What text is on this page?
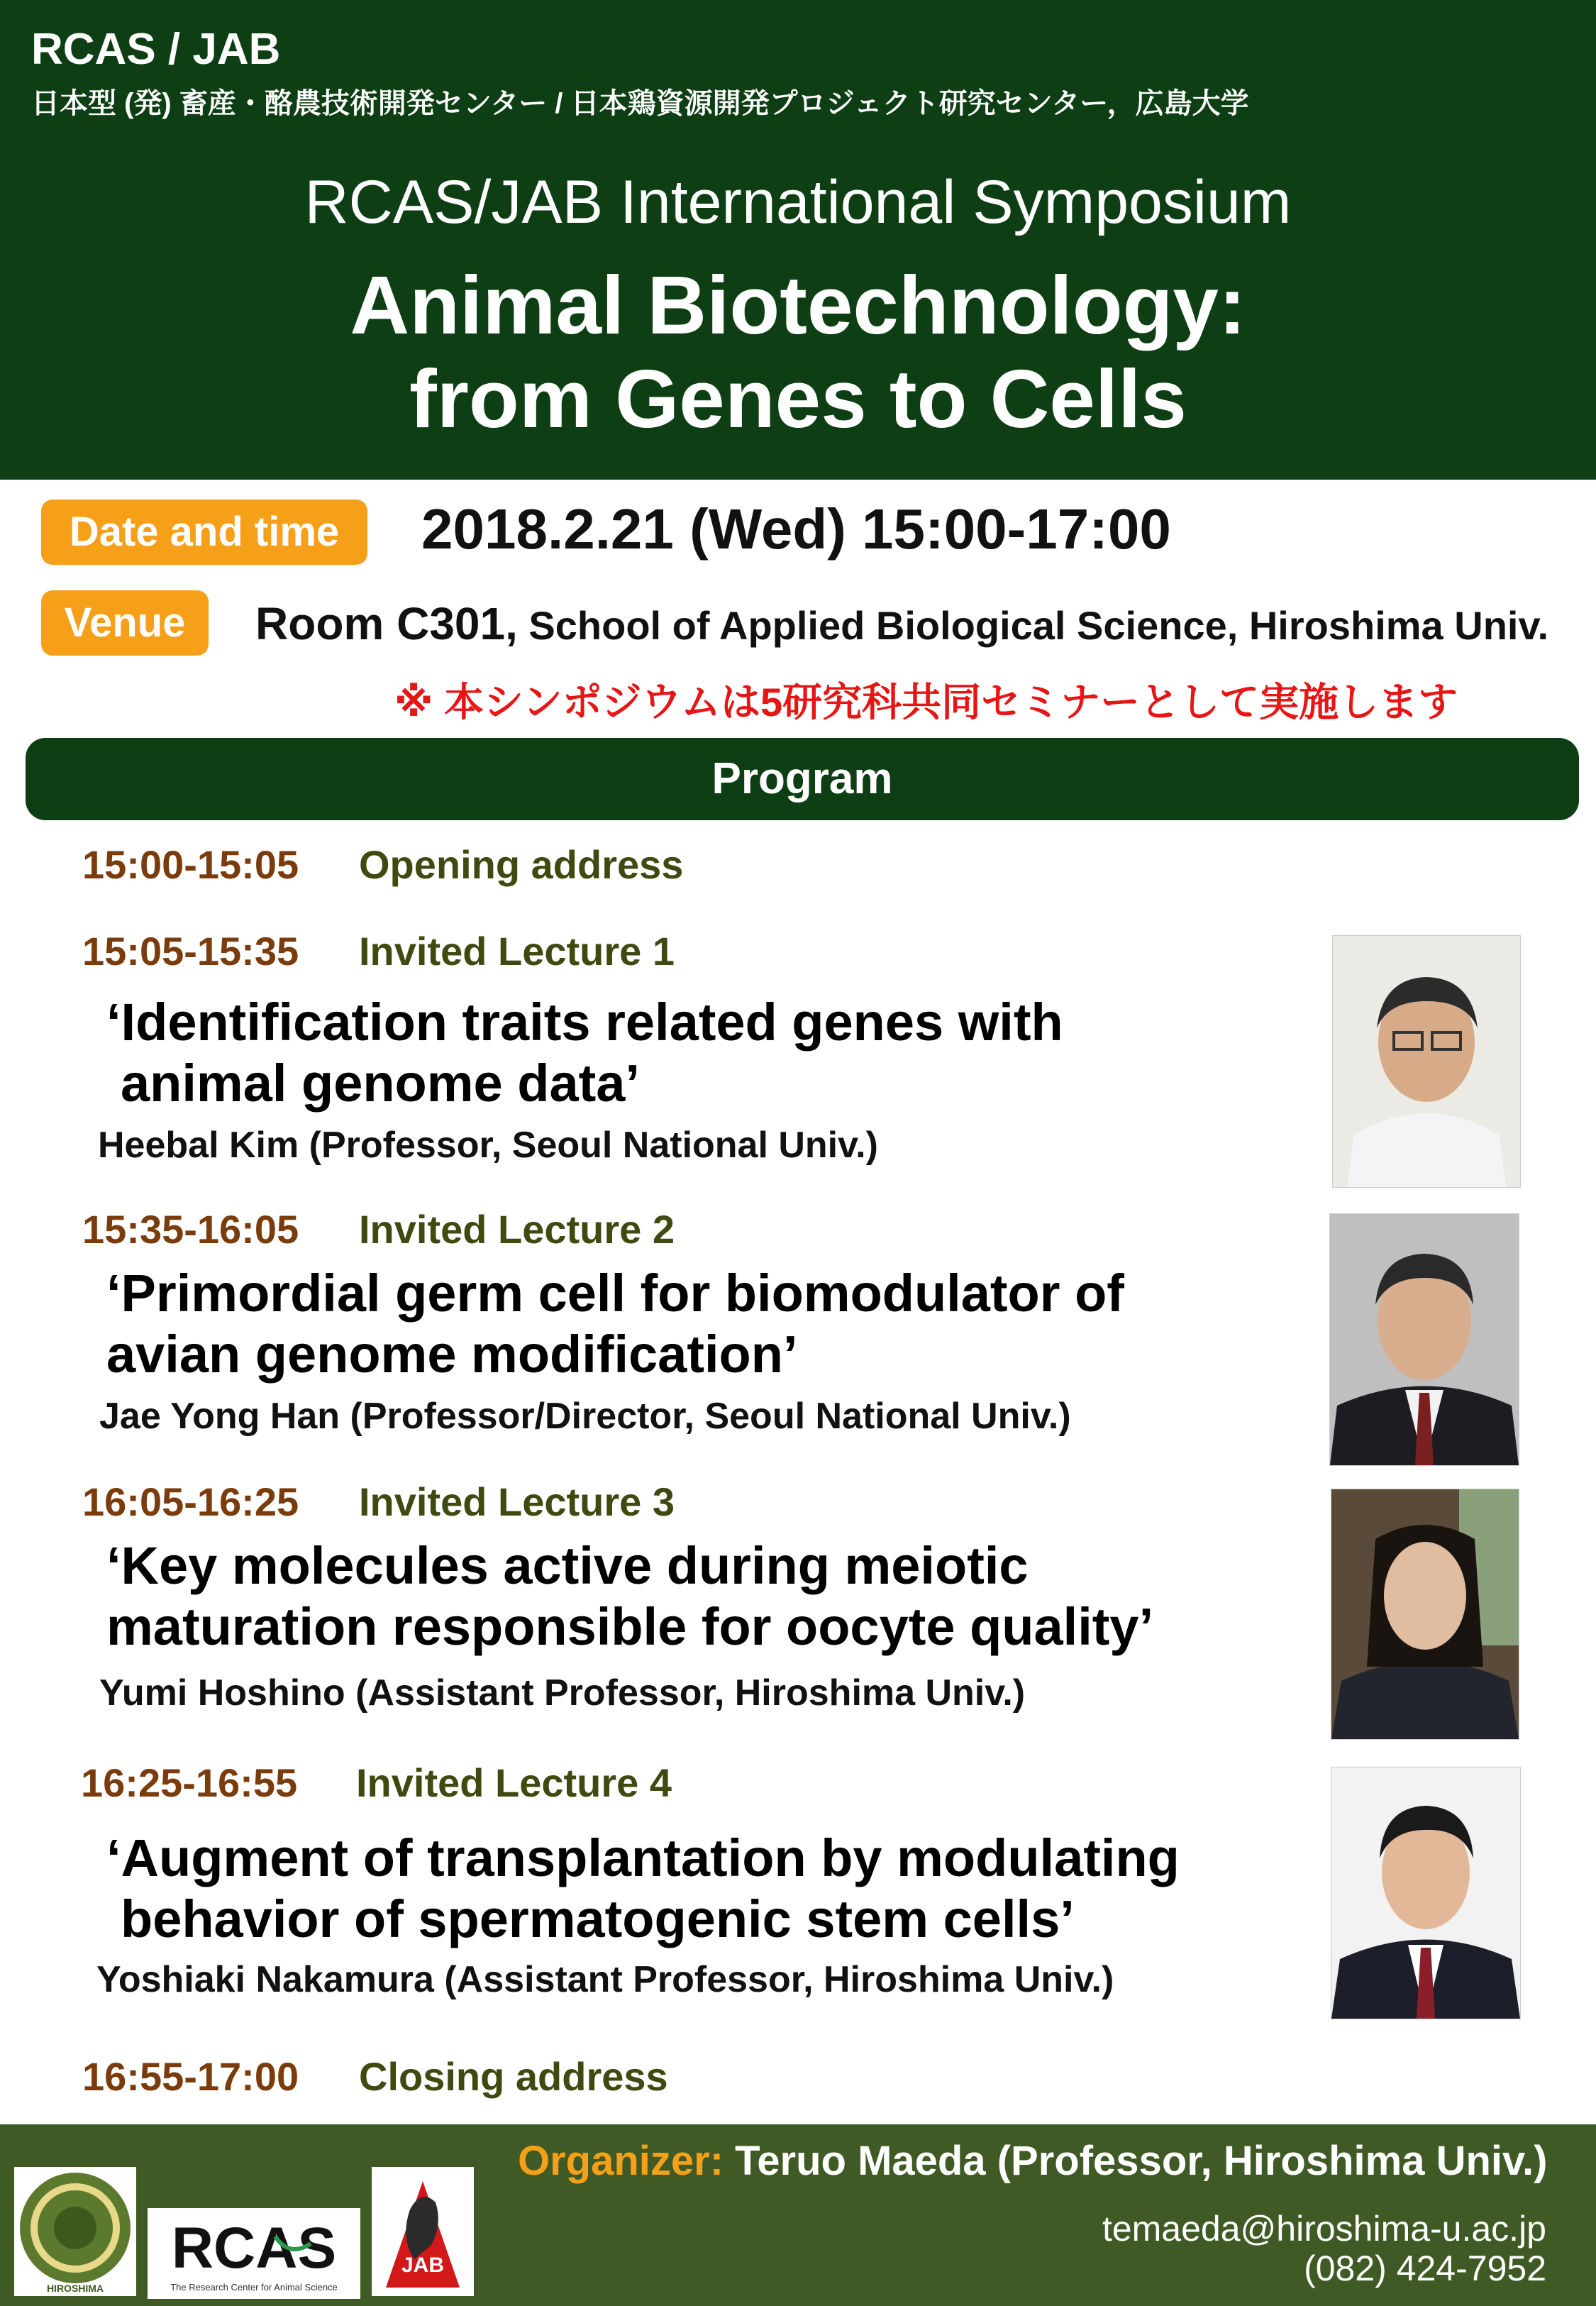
RCAS / JAB
日本型 (発) 畜産・酪農技術開発センター / 日本鶏資源開発プロジェクト研究センター，広島大学
RCAS/JAB International Symposium
Animal Biotechnology:
from Genes to Cells
Date and time	2018.2.21 (Wed) 15:00-17:00
Venue	Room C301, School of Applied Biological Science, Hiroshima Univ.
※ 本シンポジウムは5研究科共同セミナーとして実施します
Program
15:00-15:05 Opening address
15:05-15:35 Invited Lecture 1
‘Identification traits related genes with
animal genome data’
Heebal Kim (Professor, Seoul National Univ.)
15:35-16:05 Invited Lecture 2
‘Primordial germ cell for biomodulator of
avian genome modification’
Jae Yong Han (Professor/Director, Seoul National Univ.)
16:05-16:25 Invited Lecture 3
‘Key molecules active during meiotic
maturation responsible for oocyte quality’
Yumi Hoshino (Assistant Professor, Hiroshima Univ.)
16:25-16:55 Invited Lecture 4
‘Augment of transplantation by modulating
behavior of spermatogenic stem cells’
Yoshiaki Nakamura (Assistant Professor, Hiroshima Univ.)
16:55-17:00 Closing address
Organizer: Teruo Maeda (Professor, Hiroshima Univ.)
temaeda@hiroshima-u.ac.jp
(082) 424-7952
HIROSHIMA
RCAS
The Research Center for Animal Science
JAB
